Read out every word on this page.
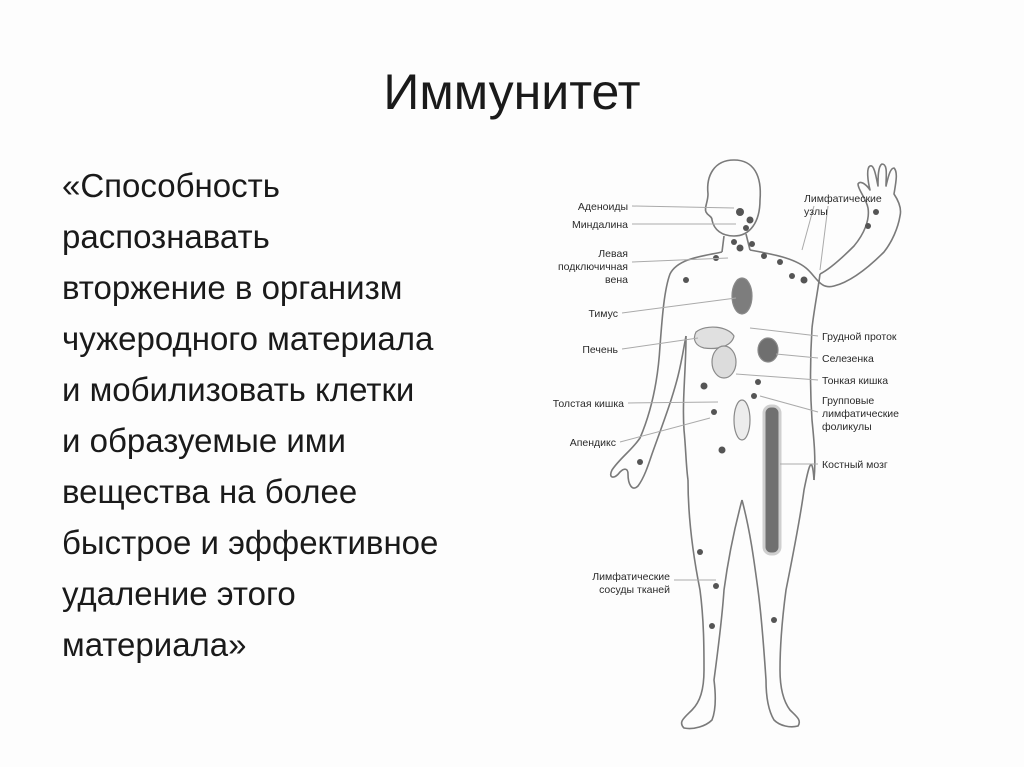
Иммунитет
«Способность
распознавать
вторжение в организм
чужеродного материала
и мобилизовать клетки
и образуемые ими
вещества на более
быстрое и эффективное
удаление этого
материала»
Аденоиды
Миндалина
Левая
подключичная
вена
Тимус
Печень
Толстая кишка
Апендикс
Лимфатические
сосуды тканей
Лимфатические
узлы
Грудной проток
Селезенка
Тонкая кишка
Групповые
лимфатические
фоликулы
Костный мозг
